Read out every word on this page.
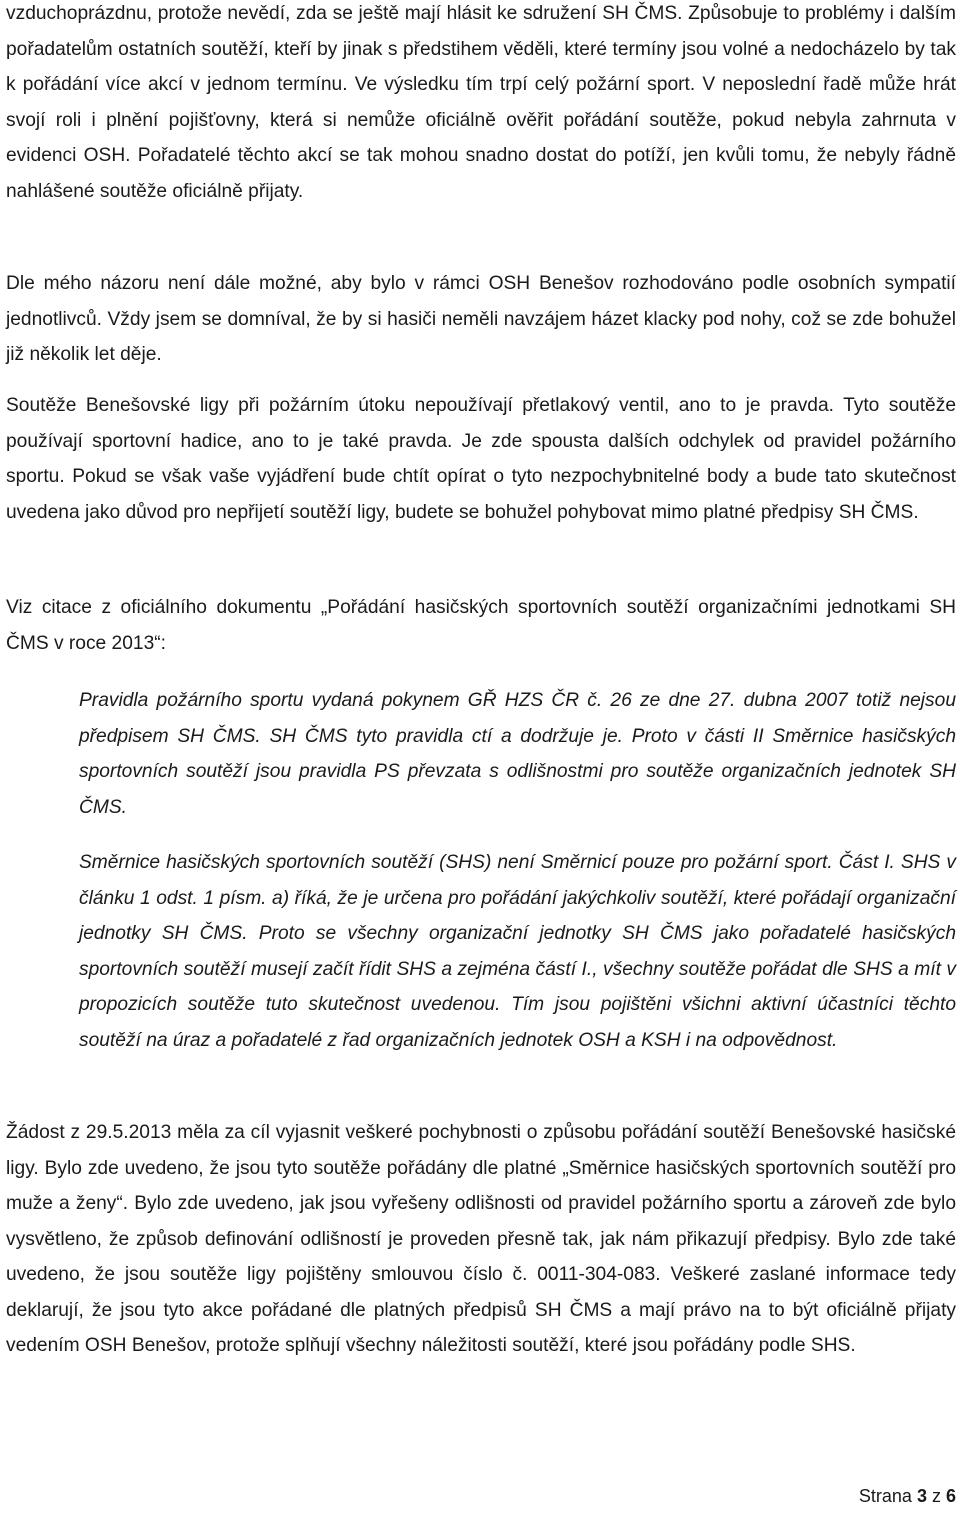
vzduchoprázdnu, protože nevědí, zda se ještě mají hlásit ke sdružení SH ČMS. Způsobuje to problémy i dalším pořadatelům ostatních soutěží, kteří by jinak s předstihem věděli, které termíny jsou volné a nedocházelo by tak k pořádání více akcí v jednom termínu. Ve výsledku tím trpí celý požární sport. V neposlední řadě může hrát svojí roli i plnění pojišťovny, která si nemůže oficiálně ověřit pořádání soutěže, pokud nebyla zahrnuta v evidenci OSH. Pořadatelé těchto akcí se tak mohou snadno dostat do potíží, jen kvůli tomu, že nebyly řádně nahlášené soutěže oficiálně přijaty.

Dle mého názoru není dále možné, aby bylo v rámci OSH Benešov rozhodováno podle osobních sympatií jednotlivců. Vždy jsem se domníval, že by si hasiči neměli navzájem házet klacky pod nohy, což se zde bohužel již několik let děje.

Soutěže Benešovské ligy při požárním útoku nepoužívají přetlakový ventil, ano to je pravda. Tyto soutěže používají sportovní hadice, ano to je také pravda. Je zde spousta dalších odchylek od pravidel požárního sportu. Pokud se však vaše vyjádření bude chtít opírat o tyto nezpochybnitelné body a bude tato skutečnost uvedena jako důvod pro nepřijetí soutěží ligy, budete se bohužel pohybovat mimo platné předpisy SH ČMS.

Viz citace z oficiálního dokumentu „Pořádání hasičských sportovních soutěží organizačními jednotkami SH ČMS v roce 2013“:

Pravidla požárního sportu vydaná pokynem GŘ HZS ČR č. 26 ze dne 27. dubna 2007 totiž nejsou předpisem SH ČMS. SH ČMS tyto pravidla ctí a dodržuje je. Proto v části II Směrnice hasičských sportovních soutěží jsou pravidla PS převzata s odlišnostmi pro soutěže organizačních jednotek SH ČMS.

Směrnice hasičských sportovních soutěží (SHS) není Směrnicí pouze pro požární sport. Část I. SHS v článku 1 odst. 1 písm. a) říká, že je určena pro pořádání jakýchkoliv soutěží, které pořádají organizační jednotky SH ČMS. Proto se všechny organizační jednotky SH ČMS jako pořadatelé hasičských sportovních soutěží musejí začít řídit SHS a zejména částí I., všechny soutěže pořádat dle SHS a mít v propozicích soutěže tuto skutečnost uvedenou. Tím jsou pojištěni všichni aktivní účastníci těchto soutěží na úraz a pořadatelé z řad organizačních jednotek OSH a KSH i na odpovědnost.

Žádost z 29.5.2013 měla za cíl vyjasnit veškeré pochybnosti o způsobu pořádání soutěží Benešovské hasičské ligy. Bylo zde uvedeno, že jsou tyto soutěže pořádány dle platné „Směrnice hasičských sportovních soutěží pro muže a ženy“. Bylo zde uvedeno, jak jsou vyřešeny odlišnosti od pravidel požárního sportu a zároveň zde bylo vysvětleno, že způsob definování odlišností je proveden přesně tak, jak nám přikazují předpisy. Bylo zde také uvedeno, že jsou soutěže ligy pojištěny smlouvou číslo č. 0011-304-083. Veškeré zaslané informace tedy deklarují, že jsou tyto akce pořádané dle platných předpisů SH ČMS a mají právo na to být oficiálně přijaty vedením OSH Benešov, protože splňují všechny náležitosti soutěží, které jsou pořádány podle SHS.

Strana 3 z 6
